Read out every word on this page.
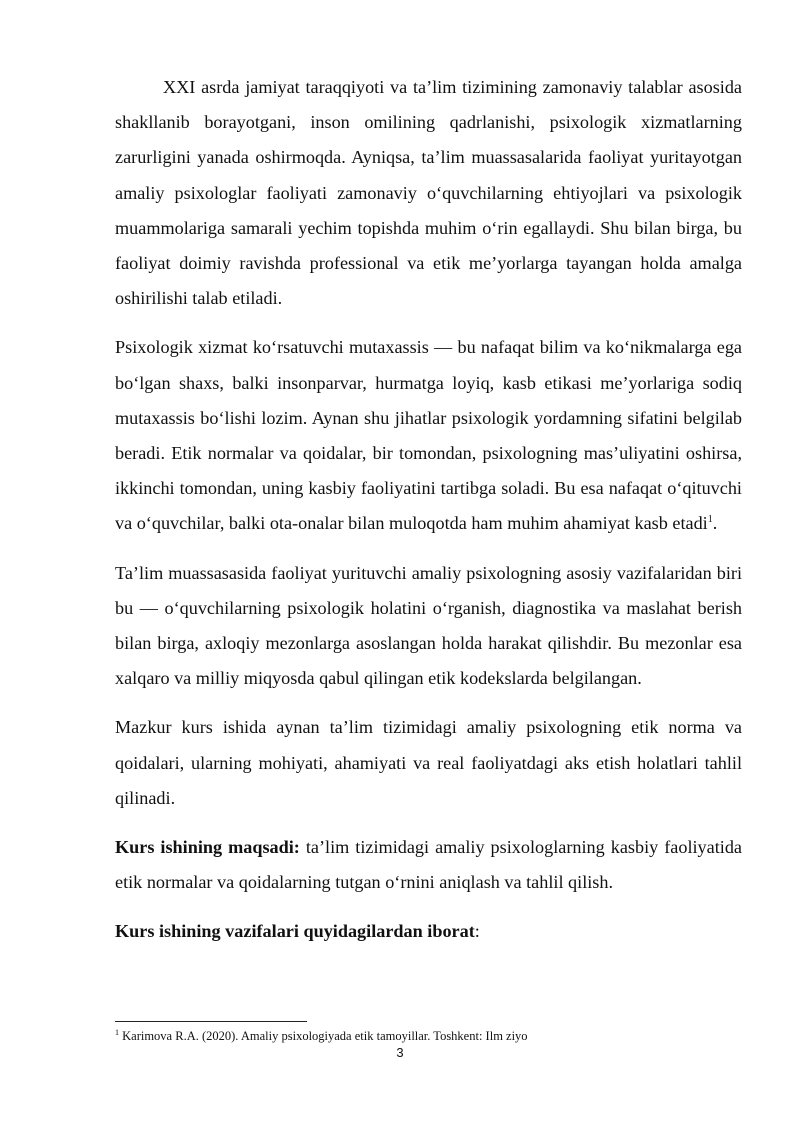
XXI asrda jamiyat taraqqiyoti va ta’lim tizimining zamonaviy talablar asosida shakllanib borayotgani, inson omilining qadrlanishi, psixologik xizmatlarning zarurligini yanada oshirmoqda. Ayniqsa, ta’lim muassasalarida faoliyat yuritayotgan amaliy psixologlar faoliyati zamonaviy o‘quvchilarning ehtiyojlari va psixologik muammolariga samarali yechim topishda muhim o‘rin egallaydi. Shu bilan birga, bu faoliyat doimiy ravishda professional va etik me’yorlarga tayangan holda amalga oshirilishi talab etiladi.

Psixologik xizmat ko‘rsatuvchi mutaxassis — bu nafaqat bilim va ko‘nikmalarga ega bo‘lgan shaxs, balki insonparvar, hurmatga loyiq, kasb etikasi me’yorlariga sodiq mutaxassis bo‘lishi lozim. Aynan shu jihatlar psixologik yordamning sifatini belgilab beradi. Etik normalar va qoidalar, bir tomondan, psixologning mas’uliyatini oshirsa, ikkinchi tomondan, uning kasbiy faoliyatini tartibga soladi. Bu esa nafaqat o‘qituvchi va o‘quvchilar, balki ota-onalar bilan muloqotda ham muhim ahamiyat kasb etadi$^1$.

Ta’lim muassasasida faoliyat yurituvchi amaliy psixologning asosiy vazifalaridan biri bu — o‘quvchilarning psixologik holatini o‘rganish, diagnostika va maslahat berish bilan birga, axloqiy mezonlarga asoslangan holda harakat qilishdir. Bu mezonlar esa xalqaro va milliy miqyosda qabul qilingan etik kodekslarda belgilangan.

Mazkur kurs ishida aynan ta’lim tizimidagi amaliy psixologning etik norma va qoidalari, ularning mohiyati, ahamiyati va real faoliyatdagi aks etish holatlari tahlil qilinadi.

Kurs ishining maqsadi: ta’lim tizimidagi amaliy psixologlarning kasbiy faoliyatida etik normalar va qoidalarning tutgan o‘rnini aniqlash va tahlil qilish.

Kurs ishining vazifalari quyidagilardan iborat:

$^1$ Karimova R.A. (2020). Amaliy psixologiyada etik tamoyillar. Toshkent: Ilm ziyo
3
